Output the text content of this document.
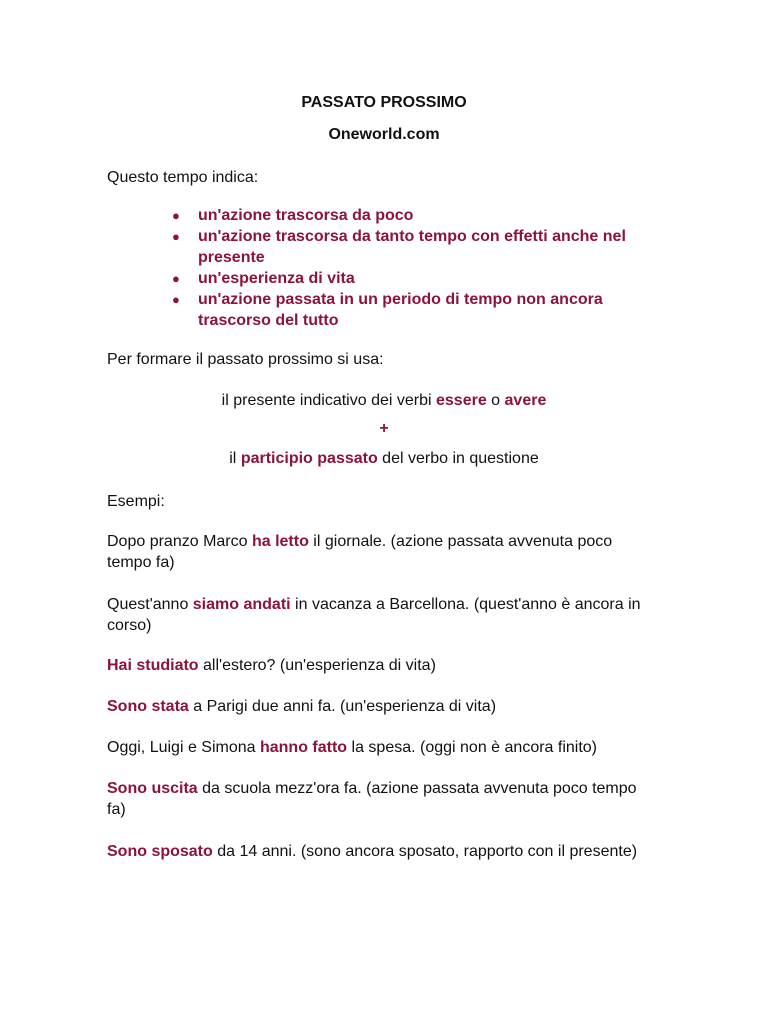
PASSATO PROSSIMO
Oneworld.com

Questo tempo indica:

● un'azione trascorsa da poco
● un'azione trascorsa da tanto tempo con effetti anche nel presente
● un'esperienza di vita
● un'azione passata in un periodo di tempo non ancora trascorso del tutto

Per formare il passato prossimo si usa:

il presente indicativo dei verbi essere o avere
+
il participio passato del verbo in questione

Esempi:

Dopo pranzo Marco ha letto il giornale. (azione passata avvenuta poco tempo fa)

Quest'anno siamo andati in vacanza a Barcellona. (quest'anno è ancora in corso)

Hai studiato all'estero? (un'esperienza di vita)

Sono stata a Parigi due anni fa. (un'esperienza di vita)

Oggi, Luigi e Simona hanno fatto la spesa. (oggi non è ancora finito)

Sono uscita da scuola mezz'ora fa. (azione passata avvenuta poco tempo fa)

Sono sposato da 14 anni. (sono ancora sposato, rapporto con il presente)
